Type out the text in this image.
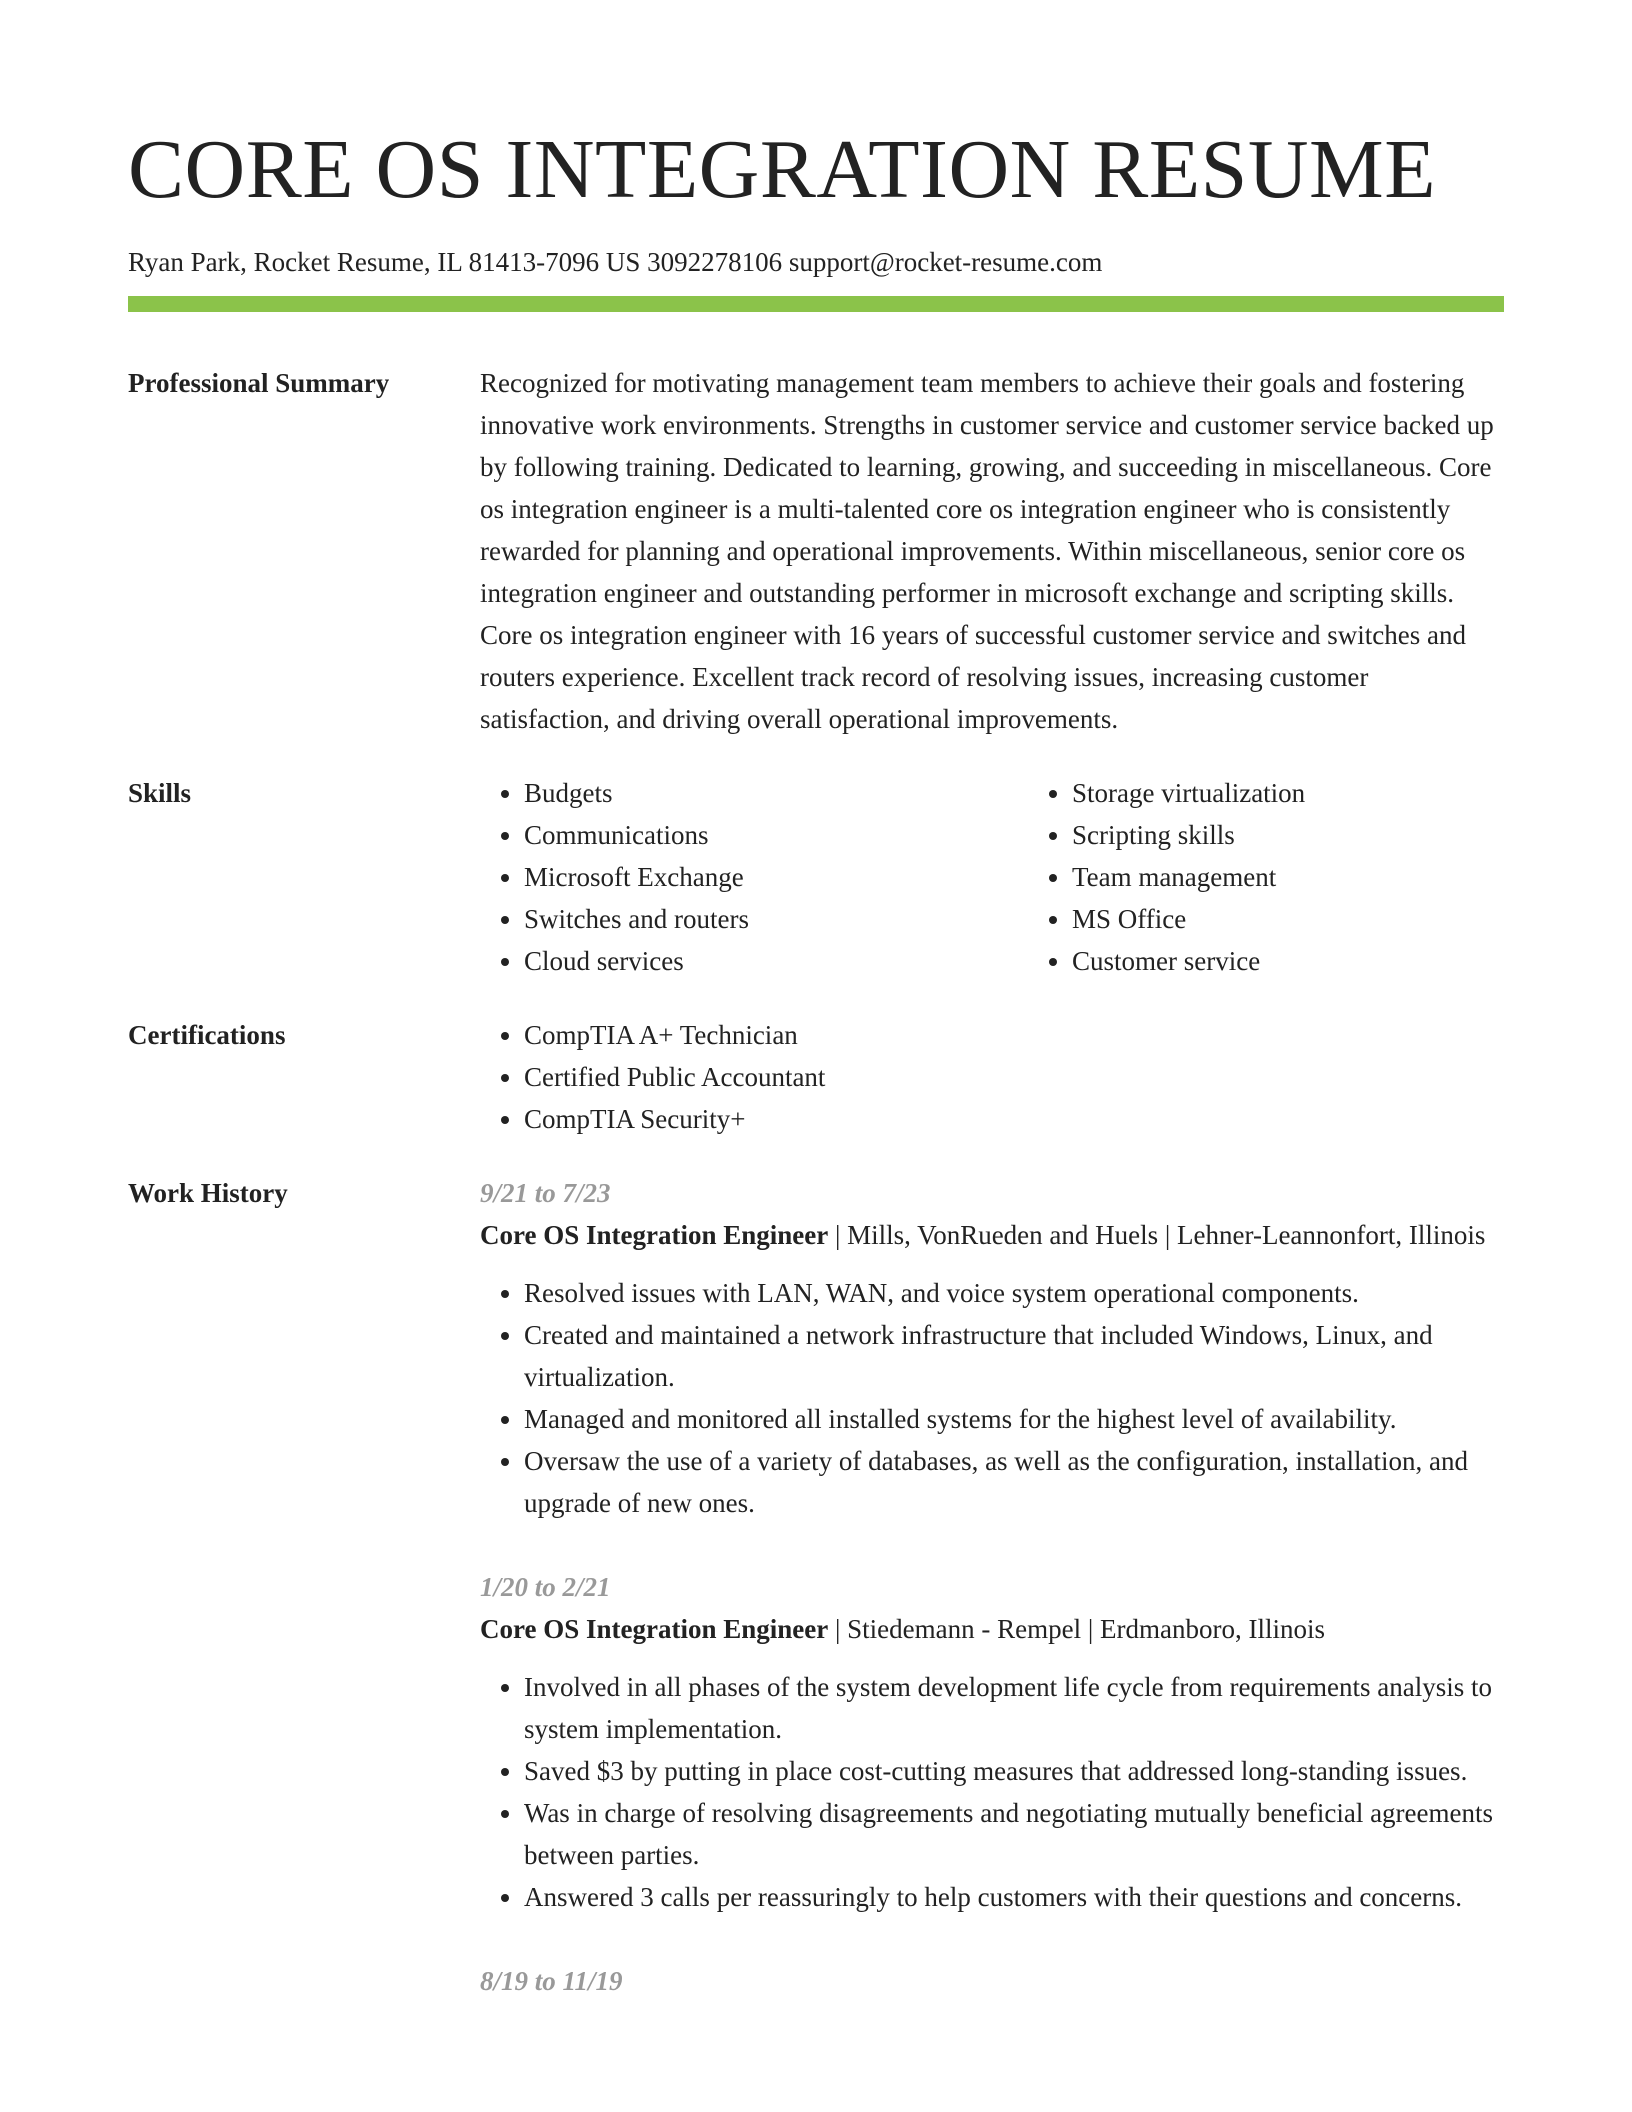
CORE OS INTEGRATION RESUME
Ryan Park, Rocket Resume, IL 81413-7096 US 3092278106 support@rocket-resume.com
Professional Summary	Recognized for motivating management team members to achieve their goals and fostering innovative work environments. Strengths in customer service and customer service backed up by following training. Dedicated to learning, growing, and succeeding in miscellaneous. Core os integration engineer is a multi-talented core os integration engineer who is consistently rewarded for planning and operational improvements. Within miscellaneous, senior core os integration engineer and outstanding performer in microsoft exchange and scripting skills. Core os integration engineer with 16 years of successful customer service and switches and routers experience. Excellent track record of resolving issues, increasing customer satisfaction, and driving overall operational improvements.

Skills	• Budgets
• Communications
• Microsoft Exchange
• Switches and routers
• Cloud services
• Storage virtualization
• Scripting skills
• Team management
• MS Office
• Customer service
Certifications	• CompTIA A+ Technician
• Certified Public Accountant
• CompTIA Security+
Work History	9/21 to 7/23
Core OS Integration Engineer | Mills, VonRueden and Huels | Lehner-Leannonfort, Illinois
• Resolved issues with LAN, WAN, and voice system operational components.
• Created and maintained a network infrastructure that included Windows, Linux, and virtualization.
• Managed and monitored all installed systems for the highest level of availability.
• Oversaw the use of a variety of databases, as well as the configuration, installation, and upgrade of new ones.
1/20 to 2/21
Core OS Integration Engineer | Stiedemann - Rempel | Erdmanboro, Illinois
• Involved in all phases of the system development life cycle from requirements analysis to system implementation.
• Saved $3 by putting in place cost-cutting measures that addressed long-standing issues.
• Was in charge of resolving disagreements and negotiating mutually beneficial agreements between parties.
• Answered 3 calls per reassuringly to help customers with their questions and concerns.
8/19 to 11/19
